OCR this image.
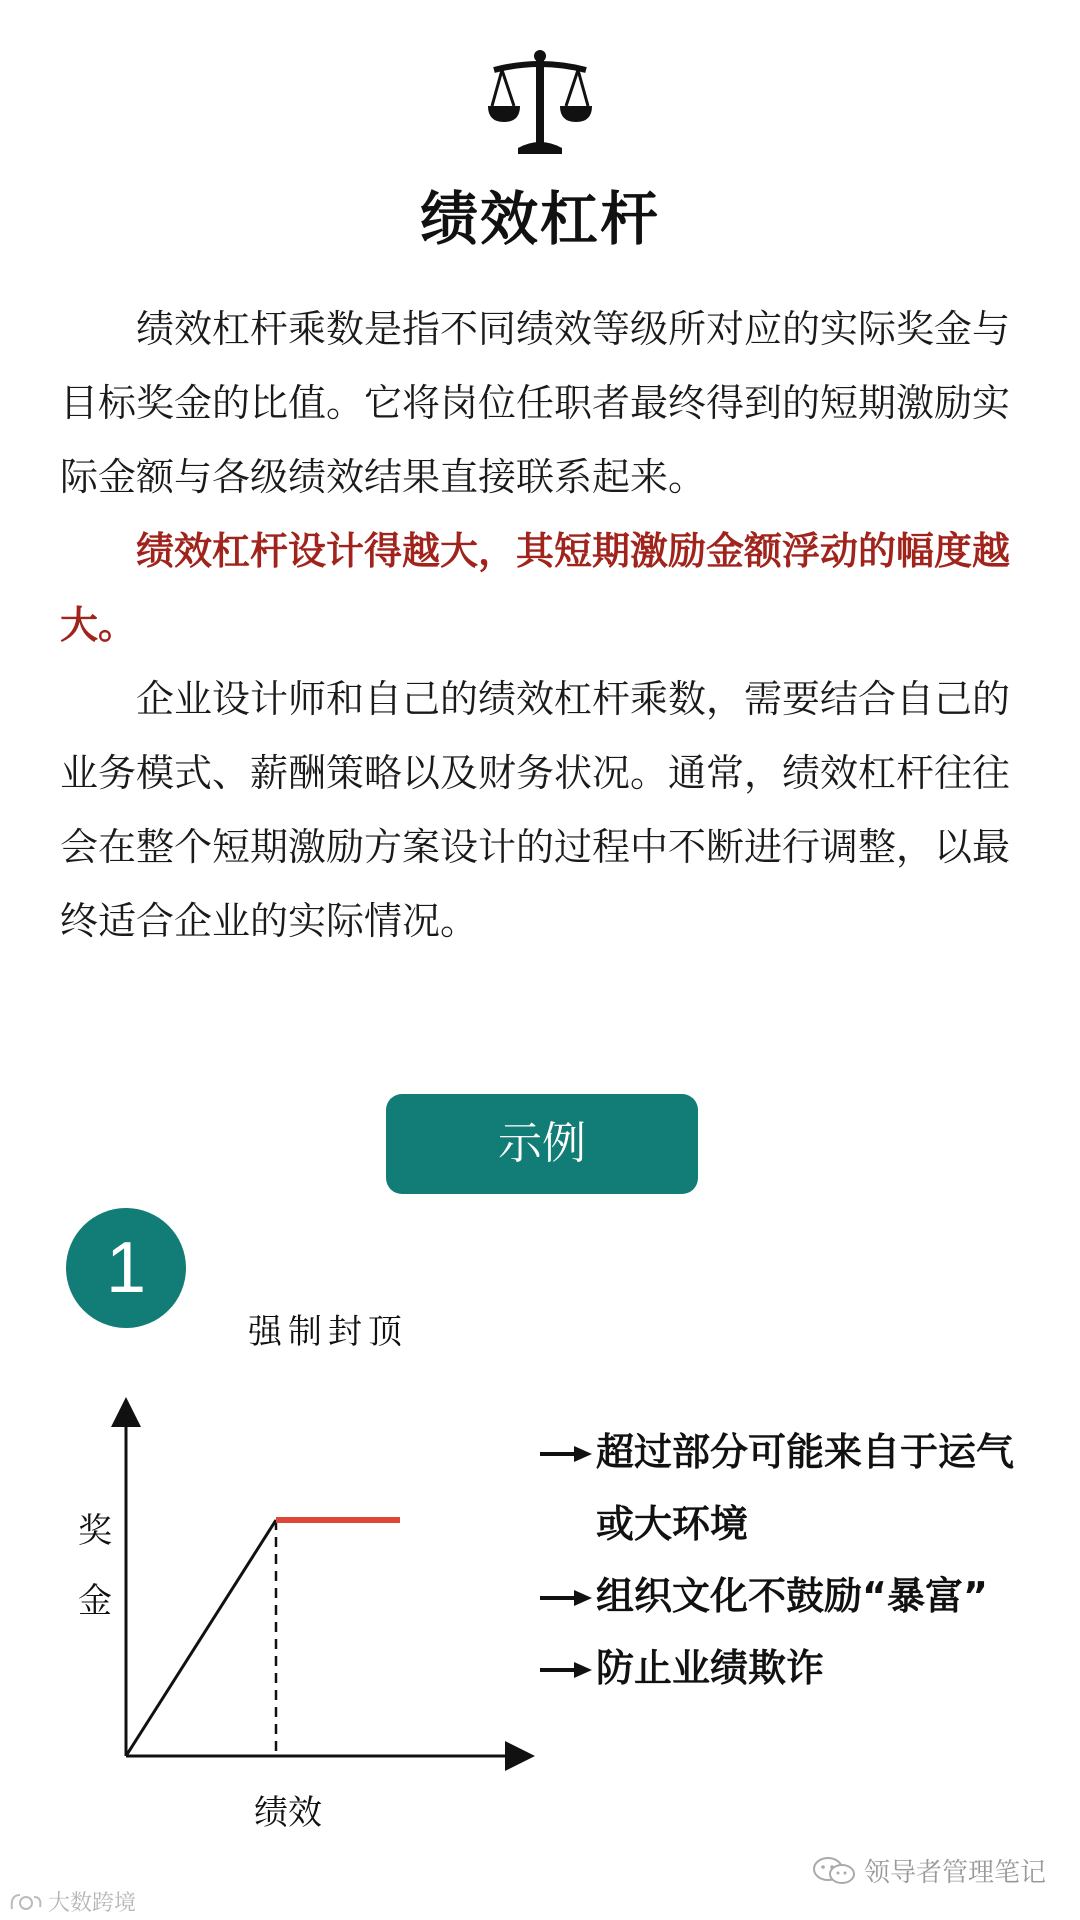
绩效杠杆

绩效杠杆乘数是指不同绩效等级所对应的实际奖金与目标奖金的比值。它将岗位任职者最终得到的短期激励实际金额与各级绩效结果直接联系起来。

绩效杠杆设计得越大，其短期激励金额浮动的幅度越大。

企业设计师和自己的绩效杠杆乘数，需要结合自己的业务模式、薪酬策略以及财务状况。通常，绩效杠杆往往会在整个短期激励方案设计的过程中不断进行调整，以最终适合企业的实际情况。

示例
1
强制封顶
奖
金
绩效
超过部分可能来自于运气或大环境
组织文化不鼓励“暴富”
防止业绩欺诈
领导者管理笔记
大数跨境
